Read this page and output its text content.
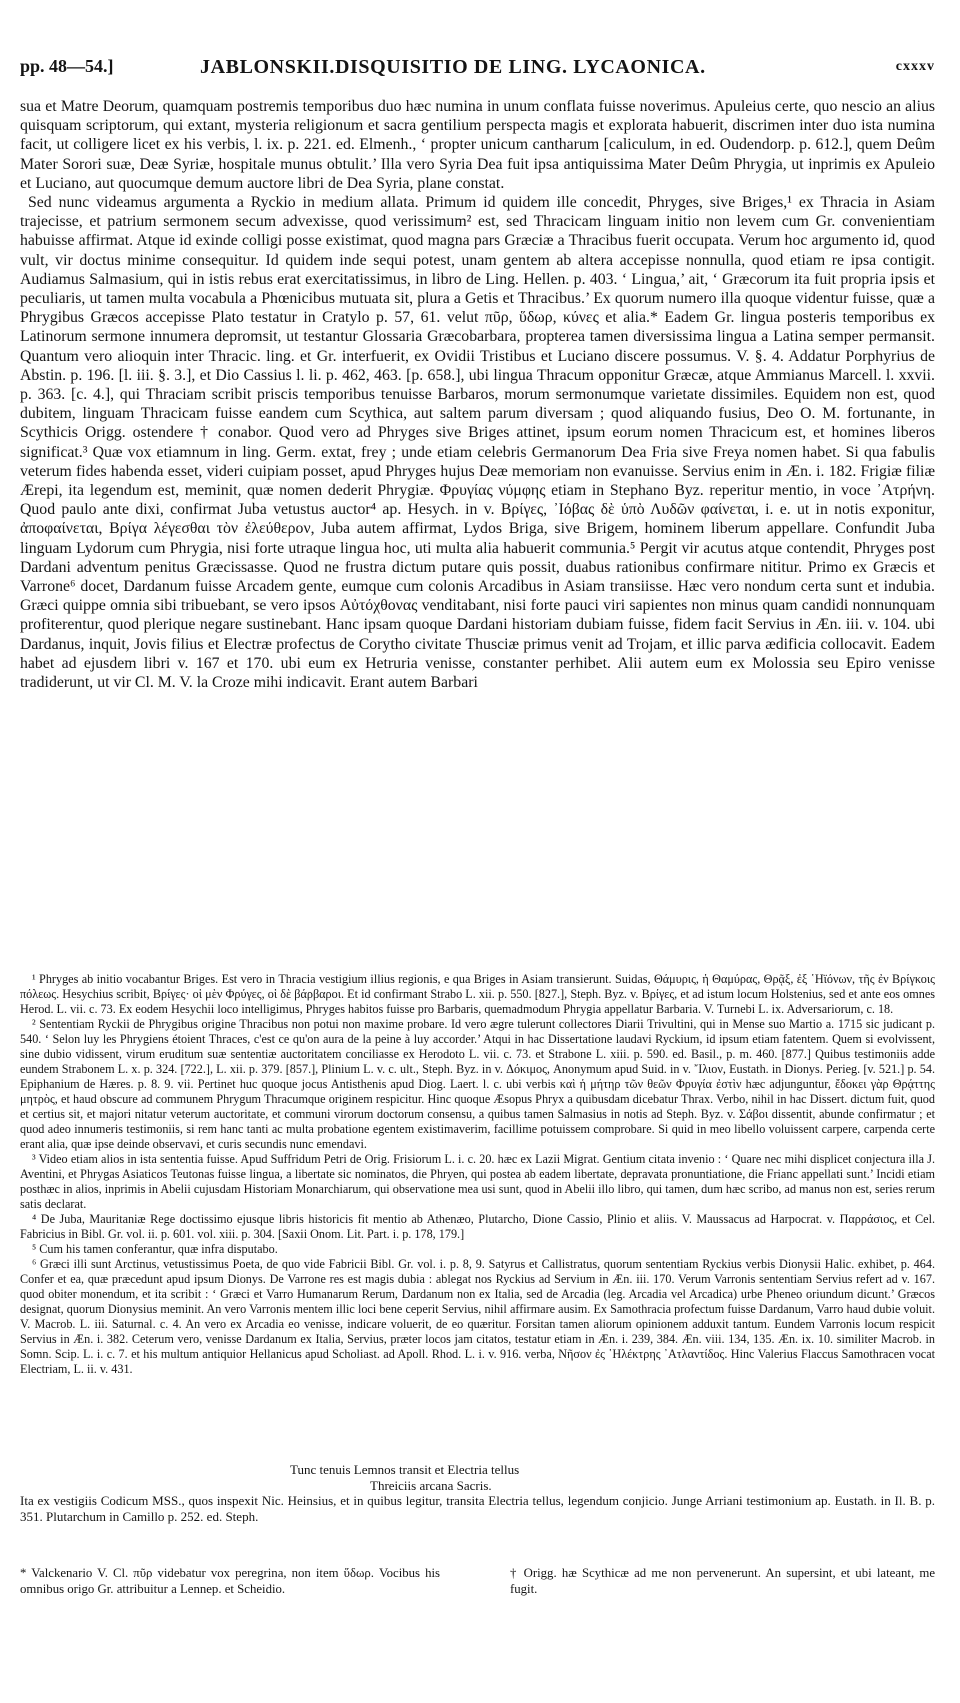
pp. 48—54.]	JABLONSKII.DISQUISITIO DE LING. LYCAONICA.	cxxxv

sua et Matre Deorum, quamquam postremis temporibus duo hæc numina in unum conflata fuisse noverimus. Apuleius certe, quo nescio an alius quisquam scriptorum, qui extant, mysteria religionum et sacra gentilium perspecta magis et explorata habuerit, discrimen inter duo ista numina facit, ut colligere licet ex his verbis, l. ix. p. 221. ed. Elmenh., ‘ propter unicum cantharum [caliculum, in ed. Oudendorp. p. 612.], quem Deûm Mater Sorori suæ, Deæ Syriæ, hospitale munus obtulit.’ Illa vero Syria Dea fuit ipsa antiquissima Mater Deûm Phrygia, ut inprimis ex Apuleio et Luciano, aut quocumque demum auctore libri de Dea Syria, plane constat.

Sed nunc videamus argumenta a Ryckio in medium allata. Primum id quidem ille concedit, Phryges, sive Briges,¹ ex Thracia in Asiam trajecisse, et patrium sermonem secum advexisse, quod verissimum² est, sed Thracicam linguam initio non levem cum Gr. convenientiam habuisse affirmat. Atque id exinde colligi posse existimat, quod magna pars Græciæ a Thracibus fuerit occupata. Verum hoc argumento id, quod vult, vir doctus minime consequitur. Id quidem inde sequi potest, unam gentem ab altera accepisse nonnulla, quod etiam re ipsa contigit. Audiamus Salmasium, qui in istis rebus erat exercitatissimus, in libro de Ling. Hellen. p. 403. ‘ Lingua,’ ait, ‘ Græcorum ita fuit propria ipsis et peculiaris, ut tamen multa vocabula a Phœnicibus mutuata sit, plura a Getis et Thracibus.’ Ex quorum numero illa quoque videntur fuisse, quæ a Phrygibus Græcos accepisse Plato testatur in Cratylo p. 57, 61. velut πῦρ, ὕδωρ, κύνες et alia.* Eadem Gr. lingua posteris temporibus ex Latinorum sermone innumera depromsit, ut testantur Glossaria Græcobarbara, propterea tamen diversissima lingua a Latina semper permansit. Quantum vero alioquin inter Thracic. ling. et Gr. interfuerit, ex Ovidii Tristibus et Luciano discere possumus. V. §. 4. Addatur Porphyrius de Abstin. p. 196. [l. iii. §. 3.], et Dio Cassius l. li. p. 462, 463. [p. 658.], ubi lingua Thracum opponitur Græcæ, atque Ammianus Marcell. l. xxvii. p. 363. [c. 4.], qui Thraciam scribit priscis temporibus tenuisse Barbaros, morum sermonumque varietate dissimiles. Equidem non est, quod dubitem, linguam Thracicam fuisse eandem cum Scythica, aut saltem parum diversam ; quod aliquando fusius, Deo O. M. fortunante, in Scythicis Origg. ostendere † conabor. Quod vero ad Phryges sive Briges attinet, ipsum eorum nomen Thracicum est, et homines liberos significat.³ Quæ vox etiamnum in ling. Germ. extat, frey ; unde etiam celebris Germanorum Dea Fria sive Freya nomen habet. Si qua fabulis veterum fides habenda esset, videri cuipiam posset, apud Phryges hujus Deæ memoriam non evanuisse. Servius enim in Æn. i. 182. Frigiæ filiæ Ærepi, ita legendum est, meminit, quæ nomen dederit Phrygiæ. Φρυγίας νύμφης etiam in Stephano Byz. reperitur mentio, in voce ᾿Ατρήνη. Quod paulo ante dixi, confirmat Juba vetustus auctor⁴ ap. Hesych. in v. Βρίγες, ᾿Ιόβας δὲ ὑπὸ Λυδῶν φαίνεται, i. e. ut in notis exponitur, ἀποφαίνεται, Βρίγα λέγεσθαι τὸν ἐλεύθερον, Juba autem affirmat, Lydos Briga, sive Brigem, hominem liberum appellare. Confundit Juba linguam Lydorum cum Phrygia, nisi forte utraque lingua hoc, uti multa alia habuerit communia.⁵ Pergit vir acutus atque contendit, Phryges post Dardani adventum penitus Græcissasse. Quod ne frustra dictum putare quis possit, duabus rationibus confirmare nititur. Primo ex Græcis et Varrone⁶ docet, Dardanum fuisse Arcadem gente, eumque cum colonis Arcadibus in Asiam transiisse. Hæc vero nondum certa sunt et indubia. Græci quippe omnia sibi tribuebant, se vero ipsos Αὐτόχθονας venditabant, nisi forte pauci viri sapientes non minus quam candidi nonnunquam profiterentur, quod plerique negare sustinebant. Hanc ipsam quoque Dardani historiam dubiam fuisse, fidem facit Servius in Æn. iii. v. 104. ubi Dardanus, inquit, Jovis filius et Electræ profectus de Corytho civitate Thusciæ primus venit ad Trojam, et illic parva ædificia collocavit. Eadem habet ad ejusdem libri v. 167 et 170. ubi eum ex Hetruria venisse, constanter perhibet. Alii autem eum ex Molossia seu Epiro venisse tradiderunt, ut vir Cl. M. V. la Croze mihi indicavit. Erant autem Barbari

¹ Phryges ab initio vocabantur Briges. Est vero in Thracia vestigium illius regionis, e qua Briges in Asiam transierunt. Suidas, Θάμυρις, ἡ Θαμύρας, Θρᾷξ, ἐξ ῾Ηϊόνων, τῆς ἐν Βρίγκοις πόλεως. Hesychius scribit, Βρίγες· οἱ μὲν Φρύγες, οἱ δὲ βάρβαροι. Et id confirmant Strabo L. xii. p. 550. [827.], Steph. Byz. v. Βρίγες, et ad istum locum Holstenius, sed et ante eos omnes Herod. L. vii. c. 73. Ex eodem Hesychii loco intelligimus, Phryges habitos fuisse pro Barbaris, quemadmodum Phrygia appellatur Barbaria. V. Turnebi L. ix. Adversariorum, c. 18.

² Sententiam Ryckii de Phrygibus origine Thracibus non potui non maxime probare. Id vero ægre tulerunt collectores Diarii Trivultini, qui in Mense suo Martio a. 1715 sic judicant p. 540. ‘ Selon luy les Phrygiens étoient Thraces, c'est ce qu'on aura de la peine à luy accorder.’ Atqui in hac Dissertatione laudavi Ryckium, id ipsum etiam fatentem. Quem si evolvissent, sine dubio vidissent, virum eruditum suæ sententiæ auctoritatem conciliasse ex Herodoto L. vii. c. 73. et Strabone L. xiii. p. 590. ed. Basil., p. m. 460. [877.] Quibus testimoniis adde eundem Strabonem L. x. p. 324. [722.], L. xii. p. 379. [857.], Plinium L. v. c. ult., Steph. Byz. in v. Δόκιμος, Anonymum apud Suid. in v. ῎Ιλιον, Eustath. in Dionys. Perieg. [v. 521.] p. 54. Epiphanium de Hæres. p. 8. 9. vii. Pertinet huc quoque jocus Antisthenis apud Diog. Laert. l. c. ubi verbis καὶ ἡ μήτηρ τῶν θεῶν Φρυγία ἐστὶν hæc adjunguntur, ἔδοκει γὰρ Θρᾴττης μητρὸς, et haud obscure ad communem Phrygum Thracumque originem respicitur. Hinc quoque Æsopus Phryx a quibusdam dicebatur Thrax. Verbo, nihil in hac Dissert. dictum fuit, quod et certius sit, et majori nitatur veterum auctoritate, et communi virorum doctorum consensu, a quibus tamen Salmasius in notis ad Steph. Byz. v. Σάβοι dissentit, abunde confirmatur ; et quod adeo innumeris testimoniis, si rem hanc tanti ac multa probatione egentem existimaverim, facillime potuissem comprobare. Si quid in meo libello voluissent carpere, carpenda certe erant alia, quæ ipse deinde observavi, et curis secundis nunc emendavi.

³ Video etiam alios in ista sententia fuisse. Apud Suffridum Petri de Orig. Frisiorum L. i. c. 20. hæc ex Lazii Migrat. Gentium citata invenio : ‘ Quare nec mihi displicet conjectura illa J. Aventini, et Phrygas Asiaticos Teutonas fuisse lingua, a libertate sic nominatos, die Phryen, qui postea ab eadem libertate, depravata pronuntiatione, die Frianc appellati sunt.’ Incidi etiam posthæc in alios, inprimis in Abelii cujusdam Historiam Monarchiarum, qui observatione mea usi sunt, quod in Abelii illo libro, qui tamen, dum hæc scribo, ad manus non est, series rerum satis declarat.

⁴ De Juba, Mauritaniæ Rege doctissimo ejusque libris historicis fit mentio ab Athenæo, Plutarcho, Dione Cassio, Plinio et aliis. V. Maussacus ad Harpocrat. v. Παρράσιος, et Cel. Fabricius in Bibl. Gr. vol. ii. p. 601. vol. xiii. p. 304. [Saxii Onom. Lit. Part. i. p. 178, 179.]

⁵ Cum his tamen conferantur, quæ infra disputabo.

⁶ Græci illi sunt Arctinus, vetustissimus Poeta, de quo vide Fabricii Bibl. Gr. vol. i. p. 8, 9. Satyrus et Callistratus, quorum sententiam Ryckius verbis Dionysii Halic. exhibet, p. 464. Confer et ea, quæ præcedunt apud ipsum Dionys. De Varrone res est magis dubia : ablegat nos Ryckius ad Servium in Æn. iii. 170. Verum Varronis sententiam Servius refert ad v. 167. quod obiter monendum, et ita scribit : ‘ Græci et Varro Humanarum Rerum, Dardanum non ex Italia, sed de Arcadia (leg. Arcadia vel Arcadica) urbe Pheneo oriundum dicunt.’ Græcos designat, quorum Dionysius meminit. An vero Varronis mentem illic loci bene ceperit Servius, nihil affirmare ausim. Ex Samothracia profectum fuisse Dardanum, Varro haud dubie voluit. V. Macrob. L. iii. Saturnal. c. 4. An vero ex Arcadia eo venisse, indicare voluerit, de eo quæritur. Forsitan tamen aliorum opinionem adduxit tantum. Eundem Varronis locum respicit Servius in Æn. i. 382. Ceterum vero, venisse Dardanum ex Italia, Servius, præter locos jam citatos, testatur etiam in Æn. i. 239, 384. Æn. viii. 134, 135. Æn. ix. 10. similiter Macrob. in Somn. Scip. L. i. c. 7. et his multum antiquior Hellanicus apud Scholiast. ad Apoll. Rhod. L. i. v. 916. verba, Νῆσον ἐς ῾Ηλέκτρης ᾿Ατλαντίδος. Hinc Valerius Flaccus Samothracen vocat Electriam, L. ii. v. 431.

Tunc tenuis Lemnos transit et Electria tellus

Threiciis arcana Sacris.

Ita ex vestigiis Codicum MSS., quos inspexit Nic. Heinsius, et in quibus legitur, transita Electria tellus, legendum conjicio. Junge Arriani testimonium ap. Eustath. in Il. B. p. 351. Plutarchum in Camillo p. 252. ed. Steph.

* Valckenario V. Cl. πῦρ videbatur vox peregrina, non item ὕδωρ. Vocibus his omnibus origo Gr. attribuitur a Lennep. et Scheidio.
† Origg. hæ Scythicæ ad me non pervenerunt. An supersint, et ubi lateant, me fugit.
